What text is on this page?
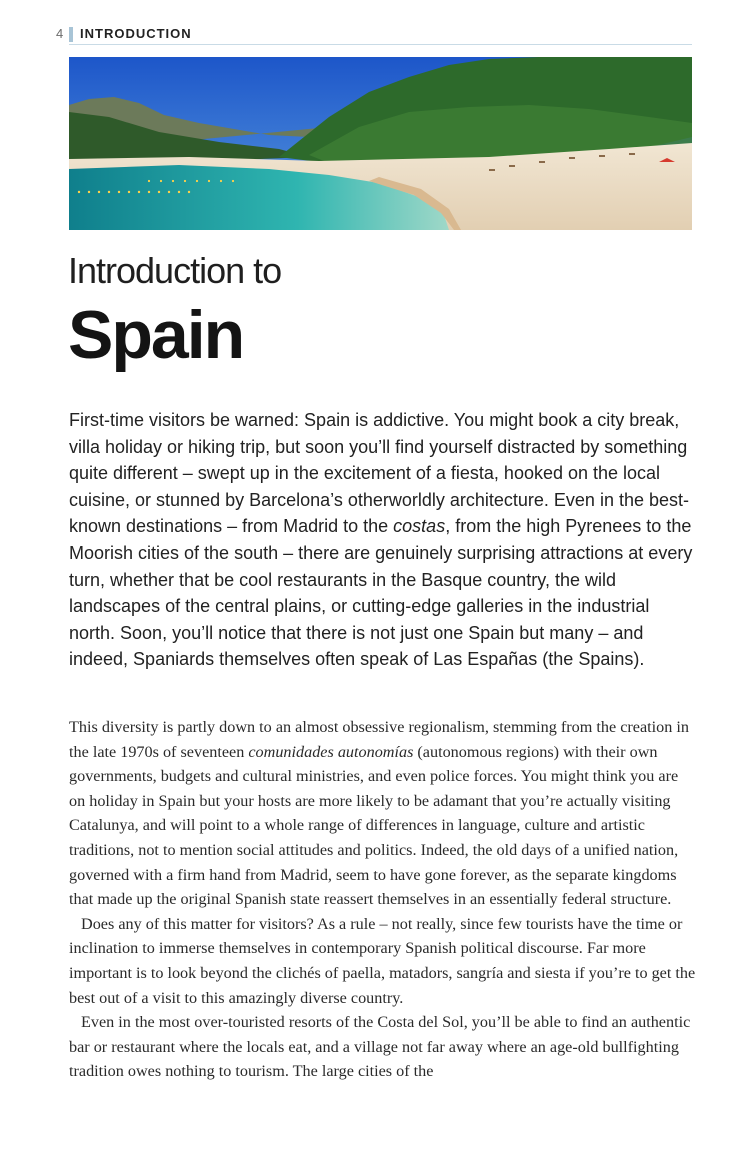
4 INTRODUCTION
Introduction to
Spain

First-time visitors be warned: Spain is addictive. You might book a city break, villa holiday or hiking trip, but soon you’ll find yourself distracted by something quite different – swept up in the excitement of a fiesta, hooked on the local cuisine, or stunned by Barcelona’s otherworldly architecture. Even in the best-known destinations – from Madrid to the costas, from the high Pyrenees to the Moorish cities of the south – there are genuinely surprising attractions at every turn, whether that be cool restaurants in the Basque country, the wild landscapes of the central plains, or cutting-edge galleries in the industrial north. Soon, you’ll notice that there is not just one Spain but many – and indeed, Spaniards themselves often speak of Las Españas (the Spains).

This diversity is partly down to an almost obsessive regionalism, stemming from the creation in the late 1970s of seventeen comunidades autonomías (autonomous regions) with their own governments, budgets and cultural ministries, and even police forces. You might think you are on holiday in Spain but your hosts are more likely to be adamant that you’re actually visiting Catalunya, and will point to a whole range of differences in language, culture and artistic traditions, not to mention social attitudes and politics. Indeed, the old days of a unified nation, governed with a firm hand from Madrid, seem to have gone forever, as the separate kingdoms that made up the original Spanish state reassert themselves in an essentially federal structure.

Does any of this matter for visitors? As a rule – not really, since few tourists have the time or inclination to immerse themselves in contemporary Spanish political discourse. Far more important is to look beyond the clichés of paella, matadors, sangría and siesta if you’re to get the best out of a visit to this amazingly diverse country.

Even in the most over-touristed resorts of the Costa del Sol, you’ll be able to find an authentic bar or restaurant where the locals eat, and a village not far away where an age-old bullfighting tradition owes nothing to tourism. The large cities of the
